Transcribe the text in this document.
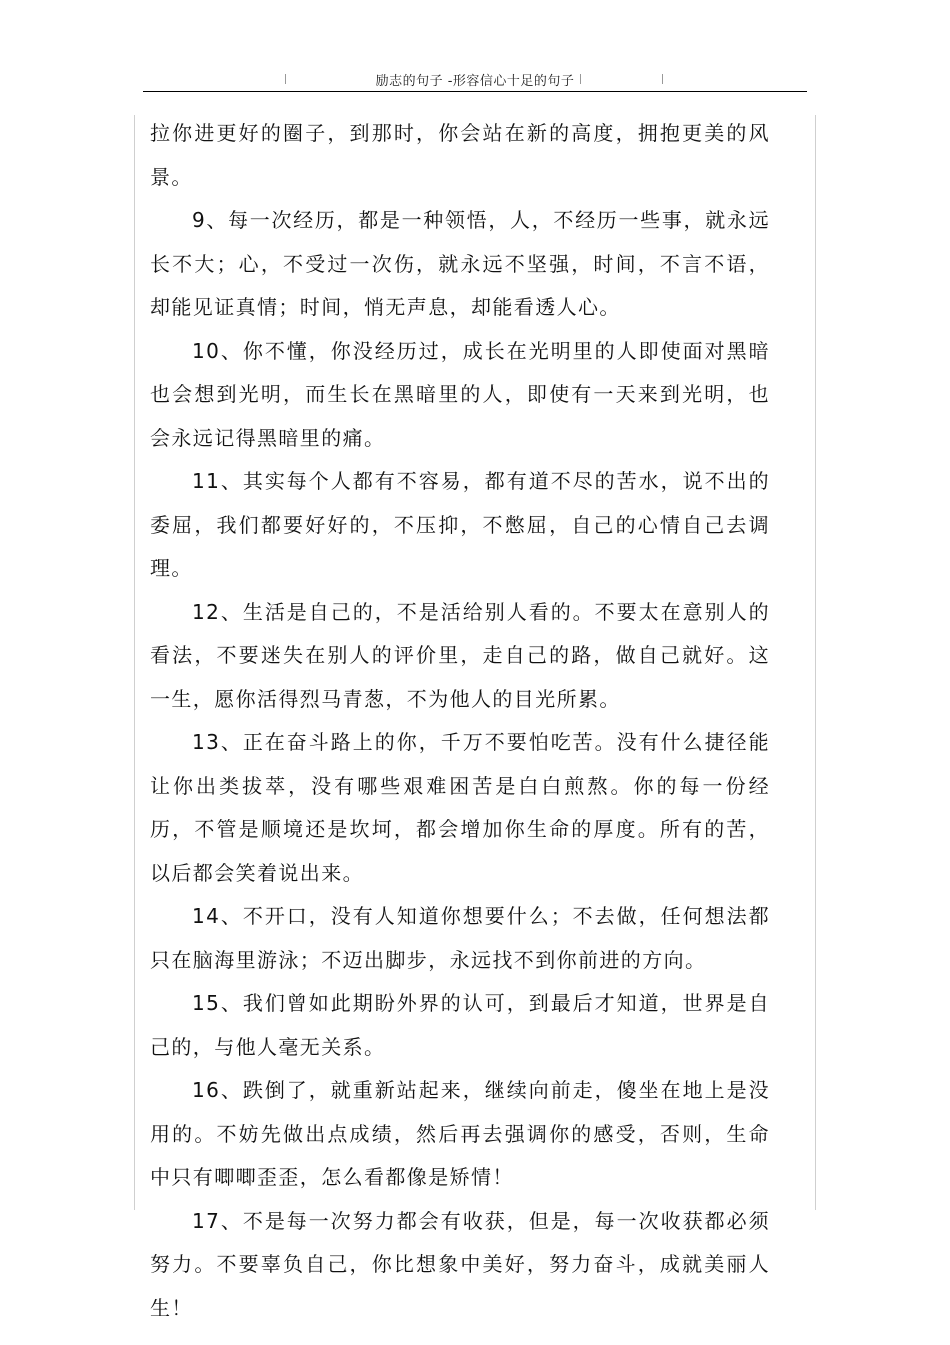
励志的句子 -形容信心十足的句子

拉你进更好的圈子，到那时，你会站在新的高度，拥抱更美的风景。

9、每一次经历，都是一种领悟，人，不经历一些事，就永远长不大；心，不受过一次伤，就永远不坚强，时间，不言不语，却能见证真情；时间，悄无声息，却能看透人心。

10、你不懂，你没经历过，成长在光明里的人即使面对黑暗也会想到光明，而生长在黑暗里的人，即使有一天来到光明，也会永远记得黑暗里的痛。

11、其实每个人都有不容易，都有道不尽的苦水，说不出的委屈，我们都要好好的，不压抑，不憋屈，自己的心情自己去调理。

12、生活是自己的，不是活给别人看的。不要太在意别人的看法，不要迷失在别人的评价里，走自己的路，做自己就好。这一生，愿你活得烈马青葱，不为他人的目光所累。

13、正在奋斗路上的你，千万不要怕吃苦。没有什么捷径能让你出类拔萃，没有哪些艰难困苦是白白煎熬。你的每一份经历，不管是顺境还是坎坷，都会增加你生命的厚度。所有的苦，以后都会笑着说出来。

14、不开口，没有人知道你想要什么；不去做，任何想法都只在脑海里游泳；不迈出脚步，永远找不到你前进的方向。

15、我们曾如此期盼外界的认可，到最后才知道，世界是自己的，与他人毫无关系。

16、跌倒了，就重新站起来，继续向前走，傻坐在地上是没用的。不妨先做出点成绩，然后再去强调你的感受，否则，生命中只有唧唧歪歪，怎么看都像是矫情！

17、不是每一次努力都会有收获，但是，每一次收获都必须努力。不要辜负自己，你比想象中美好，努力奋斗，成就美丽人生！
